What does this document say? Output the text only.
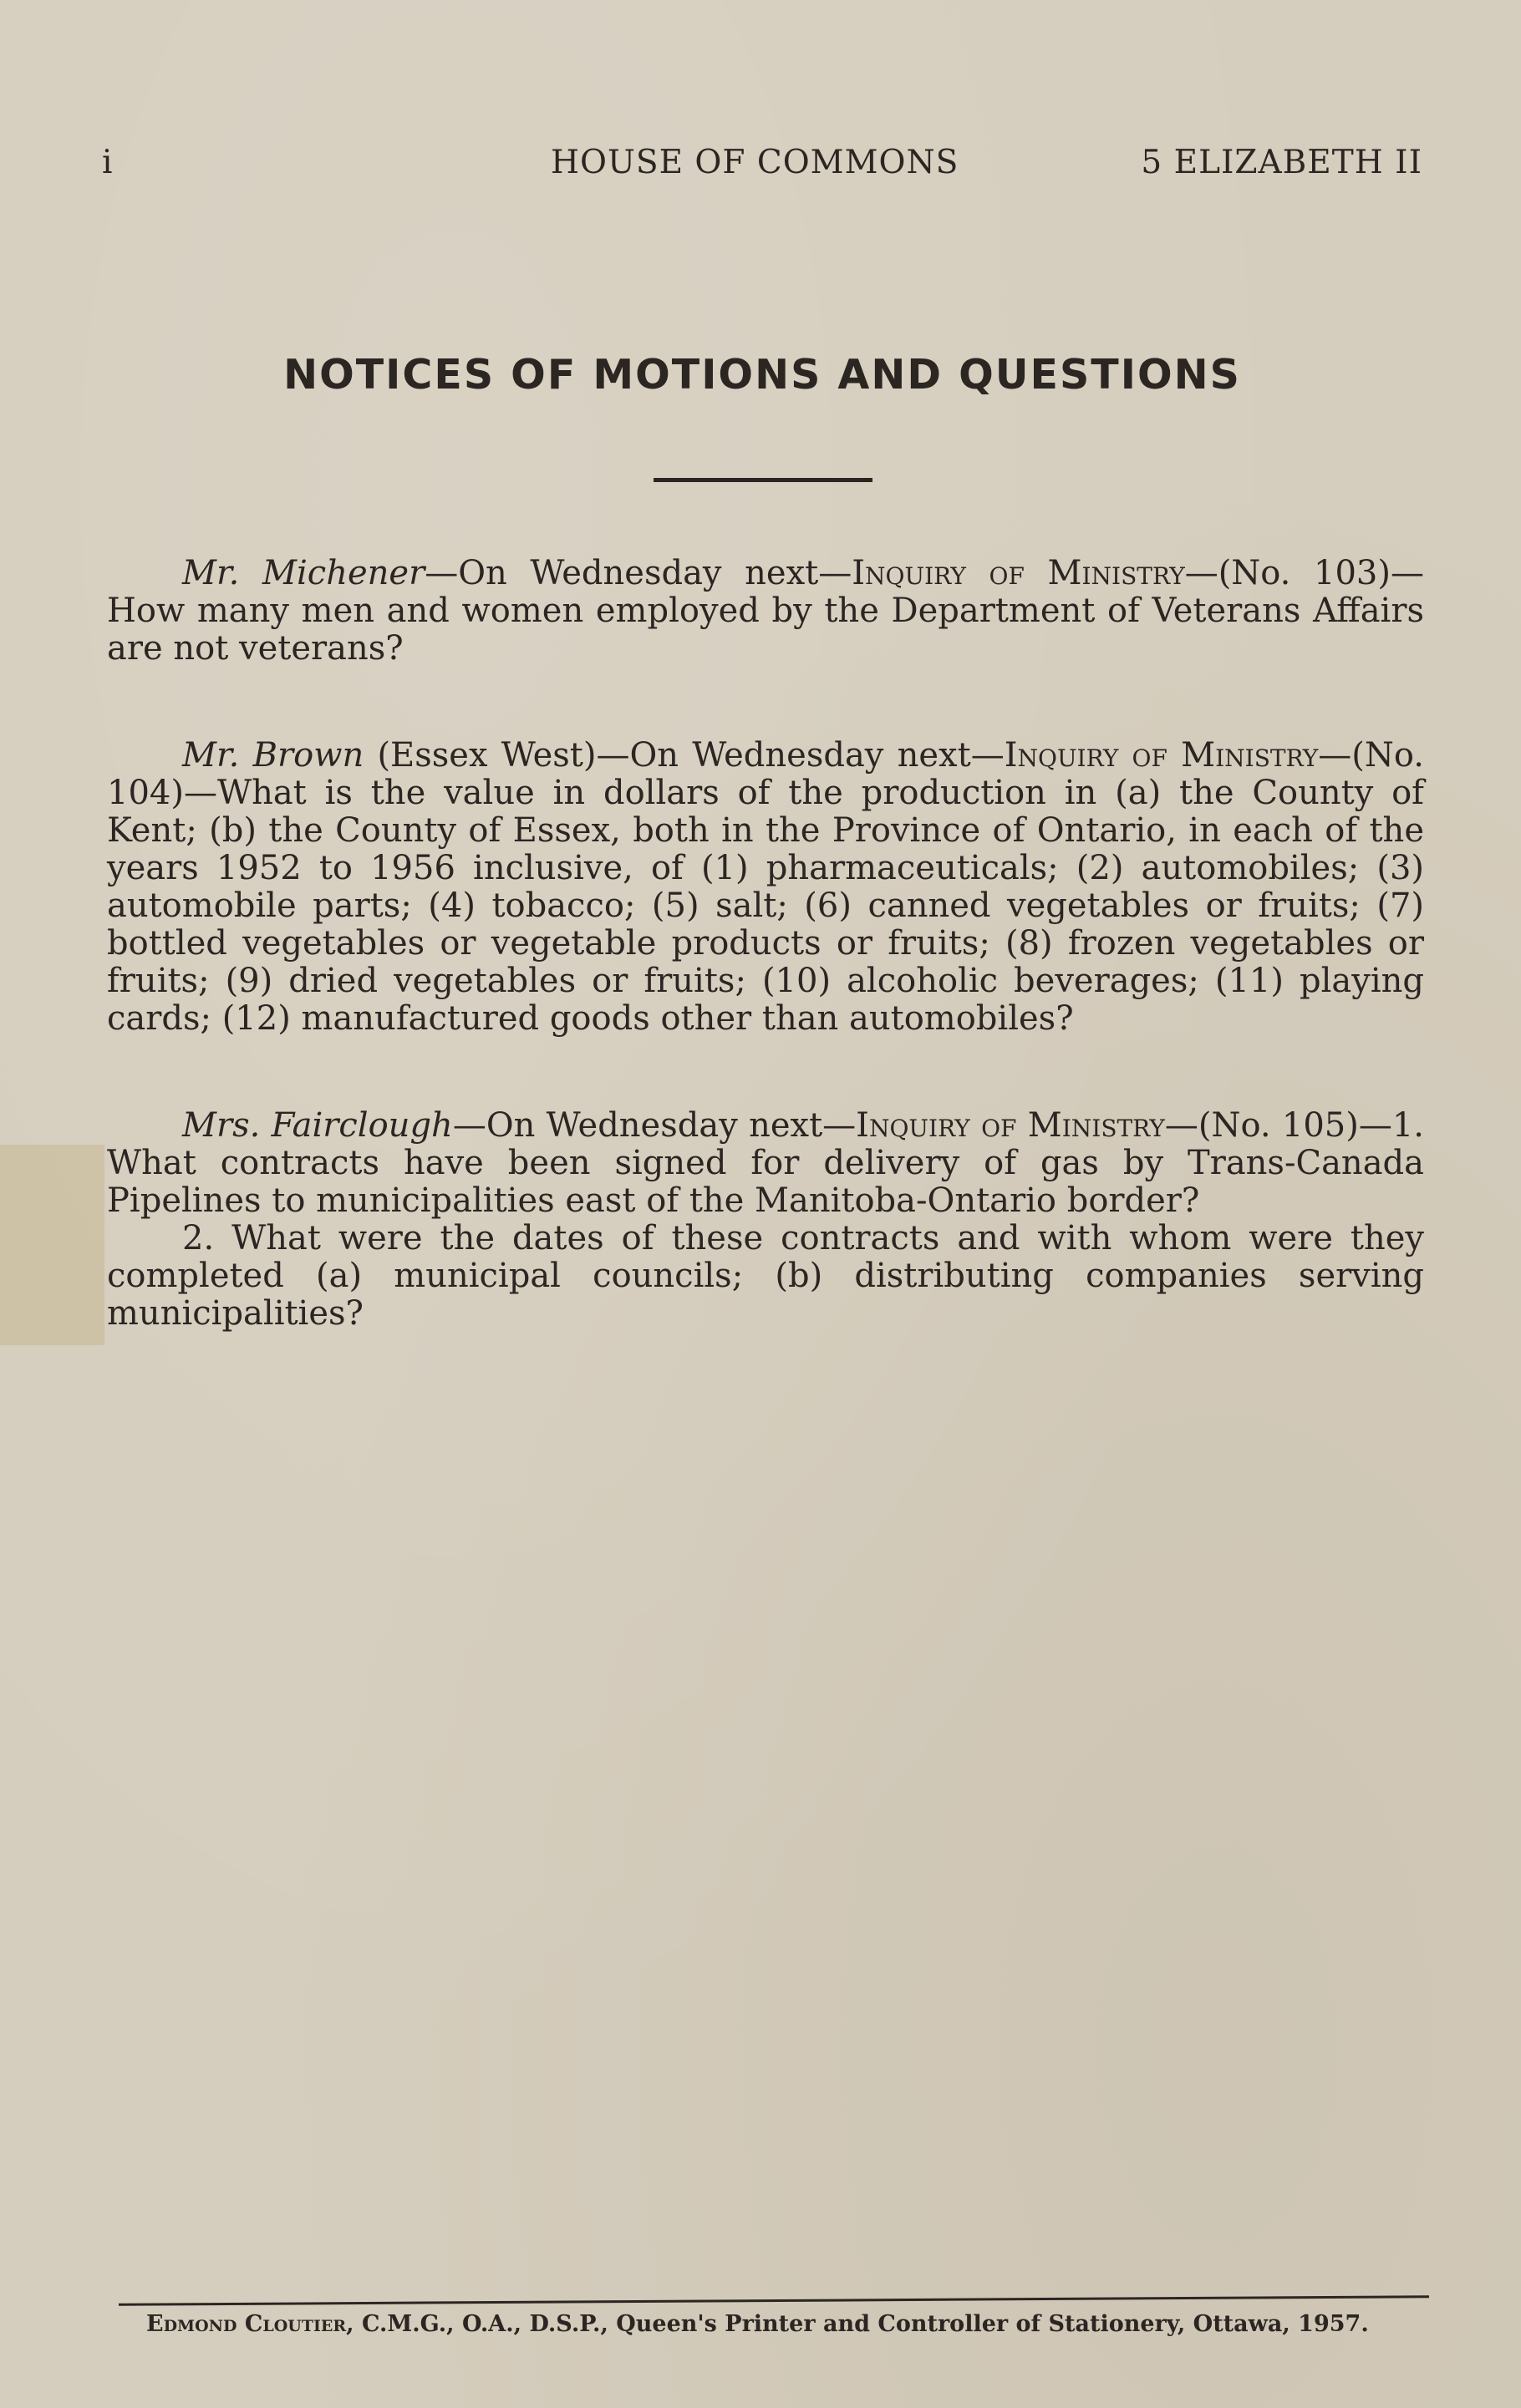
i	HOUSE OF COMMONS	5 ELIZABETH II
NOTICES OF MOTIONS AND QUESTIONS

Mr. Michener—On Wednesday next—Inquiry of Ministry—(No. 103)—How many men and women employed by the Department of Veterans Affairs are not veterans?

Mr. Brown (Essex West)—On Wednesday next—Inquiry of Ministry—(No. 104)—What is the value in dollars of the production in (a) the County of Kent; (b) the County of Essex, both in the Province of Ontario, in each of the years 1952 to 1956 inclusive, of (1) pharmaceuticals; (2) automobiles; (3) automobile parts; (4) tobacco; (5) salt; (6) canned vegetables or fruits; (7) bottled vegetables or vegetable products or fruits; (8) frozen vegetables or fruits; (9) dried vegetables or fruits; (10) alcoholic beverages; (11) playing cards; (12) manufactured goods other than automobiles?

Mrs. Fairclough—On Wednesday next—Inquiry of Ministry—(No. 105)—1. What contracts have been signed for delivery of gas by Trans-Canada Pipelines to municipalities east of the Manitoba-Ontario border?

2. What were the dates of these contracts and with whom were they completed (a) municipal councils; (b) distributing companies serving municipalities?

Edmond Cloutier, C.M.G., O.A., D.S.P., Queen's Printer and Controller of Stationery, Ottawa, 1957.
